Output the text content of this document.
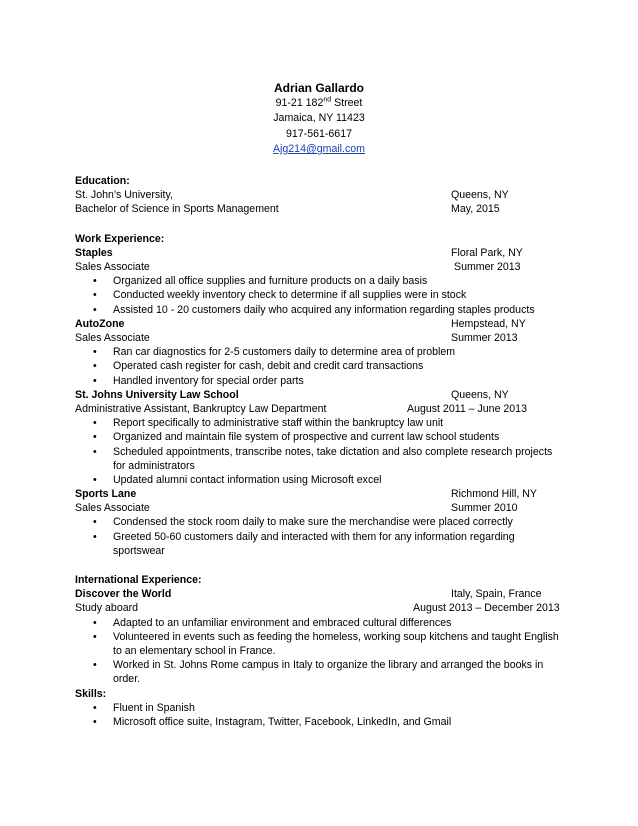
Adrian Gallardo
91-21 182nd Street
Jamaica, NY 11423
917-561-6617
Ajg214@gmail.com
Education:
St. John’s University,	Queens, NY
Bachelor of Science in Sports Management	May, 2015
Work Experience:
Staples	Floral Park, NY
Sales Associate	Summer 2013
• Organized all office supplies and furniture products on a daily basis
• Conducted weekly inventory check to determine if all supplies were in stock
• Assisted 10 - 20 customers daily who acquired any information regarding staples products
AutoZone	Hempstead, NY
Sales Associate	Summer 2013
• Ran car diagnostics for 2-5 customers daily to determine area of problem
• Operated cash register for cash, debit and credit card transactions
• Handled inventory for special order parts
St. Johns University Law School	Queens, NY
Administrative Assistant, Bankruptcy Law Department	August 2011 – June 2013
• Report specifically to administrative staff within the bankruptcy law unit
• Organized and maintain file system of prospective and current law school students
• Scheduled appointments, transcribe notes, take dictation and also complete research projects for administrators
• Updated alumni contact information using Microsoft excel
Sports Lane	Richmond Hill, NY
Sales Associate	Summer 2010
• Condensed the stock room daily to make sure the merchandise were placed correctly
• Greeted 50-60 customers daily and interacted with them for any information regarding sportswear
International Experience:
Discover the World	Italy, Spain, France
Study aboard	August 2013 – December 2013
• Adapted to an unfamiliar environment and embraced cultural differences
• Volunteered in events such as feeding the homeless, working soup kitchens and taught English to an elementary school in France.
• Worked in St. Johns Rome campus in Italy to organize the library and arranged the books in order.
Skills:
• Fluent in Spanish
• Microsoft office suite, Instagram, Twitter, Facebook, LinkedIn, and Gmail
